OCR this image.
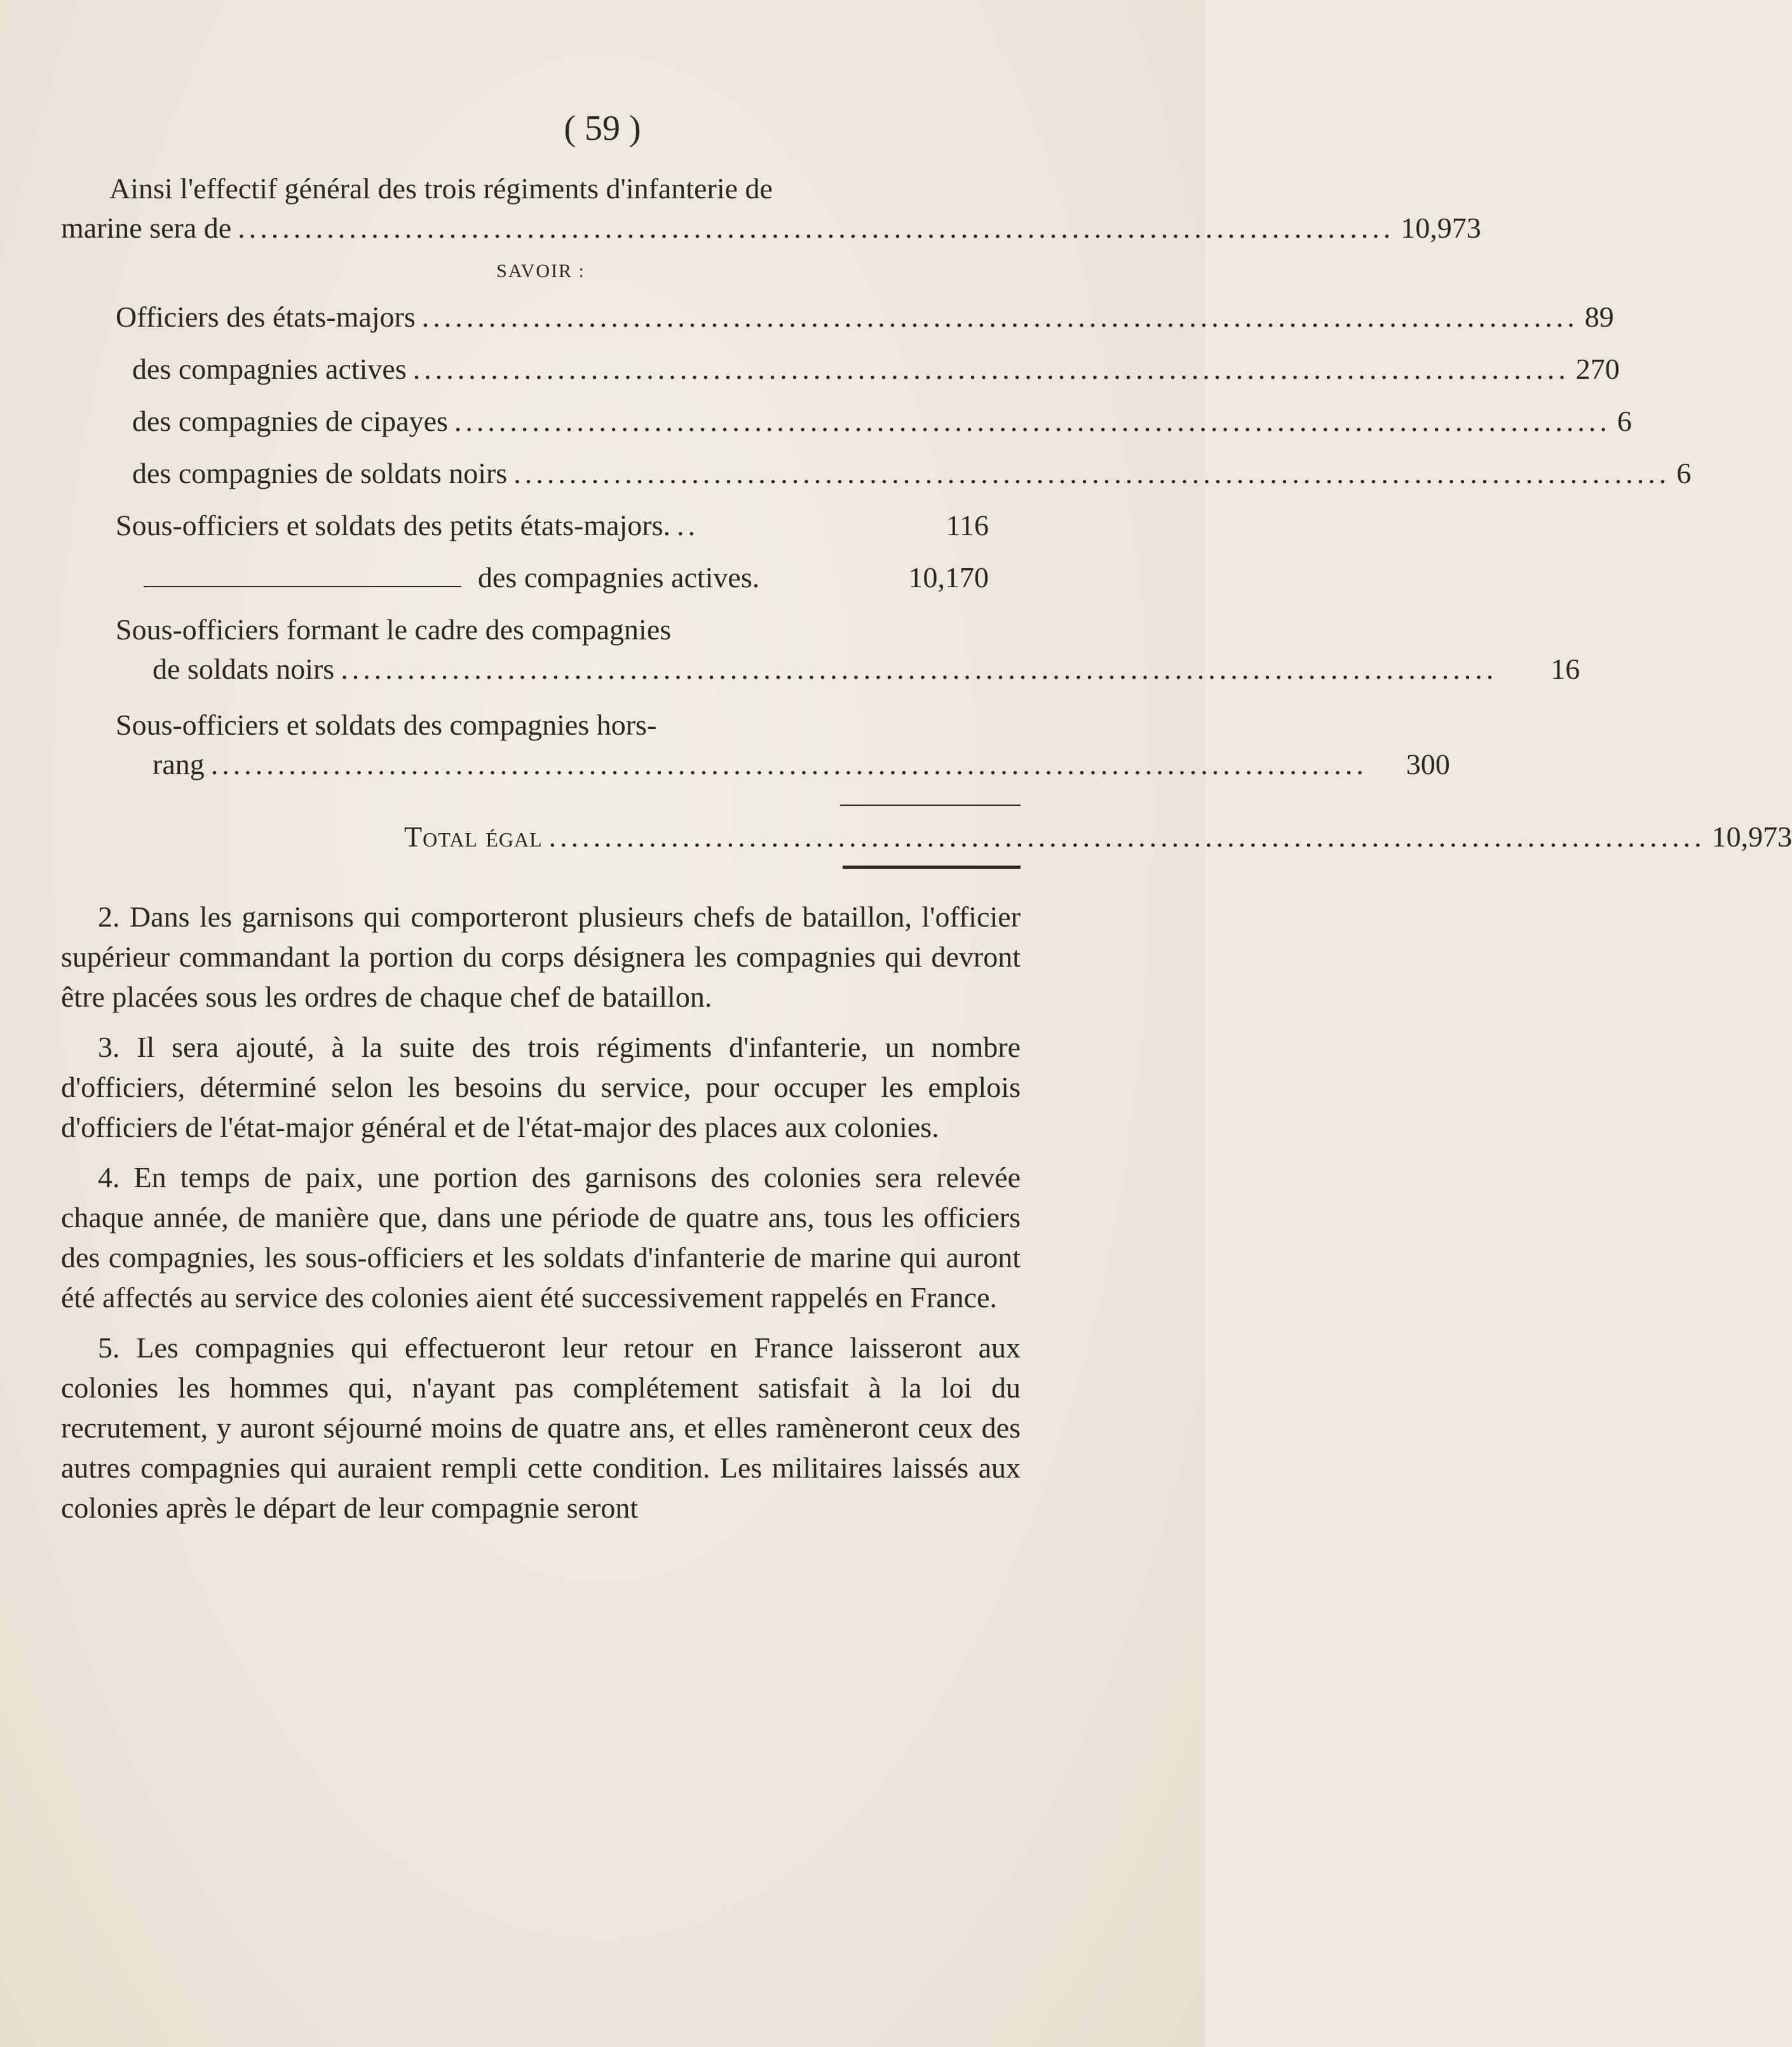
( 59 )
Ainsi l'effectif général des trois régiments d'infanterie de
marine sera de ........................................................................................................ 10,973
SAVOIR :
Officiers des états-majors ........................................................................................................ 89
des compagnies actives ........................................................................................................ 270
des compagnies de cipayes ........................................................................................................ 6
des compagnies de soldats noirs ........................................................................................................ 6
Sous-officiers et soldats des petits états-majors. ..	116
des compagnies actives.	10,170
Sous-officiers formant le cadre des compagnies
de soldats noirs ........................................................................................................	16
Sous-officiers et soldats des compagnies hors-
rang ........................................................................................................	300
Total égal ........................................................................................................ 10,973

2. Dans les garnisons qui comporteront plusieurs chefs de bataillon, l'officier supérieur commandant la portion du corps désignera les compagnies qui devront être placées sous les ordres de chaque chef de bataillon.

3. Il sera ajouté, à la suite des trois régiments d'infanterie, un nombre d'officiers, déterminé selon les besoins du service, pour occuper les emplois d'officiers de l'état-major général et de l'état-major des places aux colonies.

4. En temps de paix, une portion des garnisons des colonies sera relevée chaque année, de manière que, dans une période de quatre ans, tous les officiers des compagnies, les sous-officiers et les soldats d'infanterie de marine qui auront été affectés au service des colonies aient été successivement rappelés en France.

5. Les compagnies qui effectueront leur retour en France laisseront aux colonies les hommes qui, n'ayant pas complétement satisfait à la loi du recrutement, y auront séjourné moins de quatre ans, et elles ramèneront ceux des autres compagnies qui auraient rempli cette condition. Les militaires laissés aux colonies après le départ de leur compagnie seront
